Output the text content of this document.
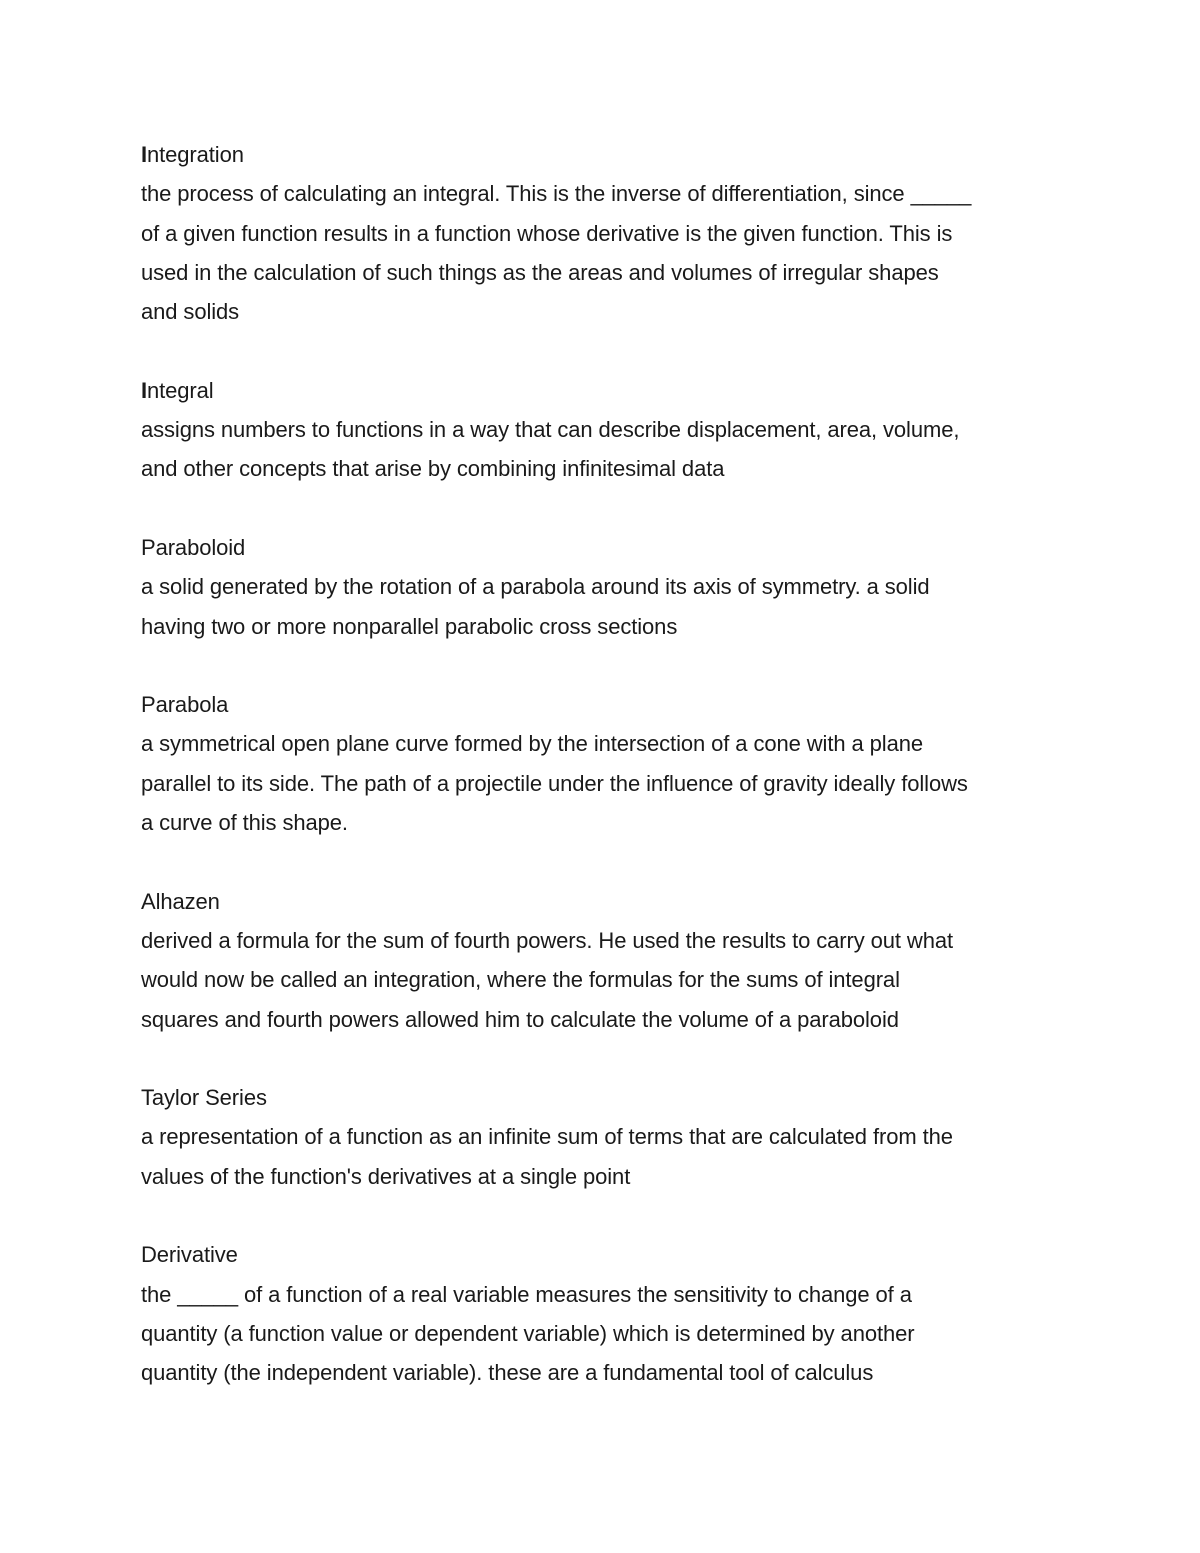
Integration
the process of calculating an integral. This is the inverse of differentiation, since _____
of a given function results in a function whose derivative is the given function. This is
used in the calculation of such things as the areas and volumes of irregular shapes
and solids
Integral
assigns numbers to functions in a way that can describe displacement, area, volume,
and other concepts that arise by combining infinitesimal data
Paraboloid
a solid generated by the rotation of a parabola around its axis of symmetry. a solid
having two or more nonparallel parabolic cross sections
Parabola
a symmetrical open plane curve formed by the intersection of a cone with a plane
parallel to its side. The path of a projectile under the influence of gravity ideally follows
a curve of this shape.
Alhazen
derived a formula for the sum of fourth powers. He used the results to carry out what
would now be called an integration, where the formulas for the sums of integral
squares and fourth powers allowed him to calculate the volume of a paraboloid
Taylor Series
a representation of a function as an infinite sum of terms that are calculated from the
values of the function's derivatives at a single point
Derivative
the _____ of a function of a real variable measures the sensitivity to change of a
quantity (a function value or dependent variable) which is determined by another
quantity (the independent variable). these are a fundamental tool of calculus
